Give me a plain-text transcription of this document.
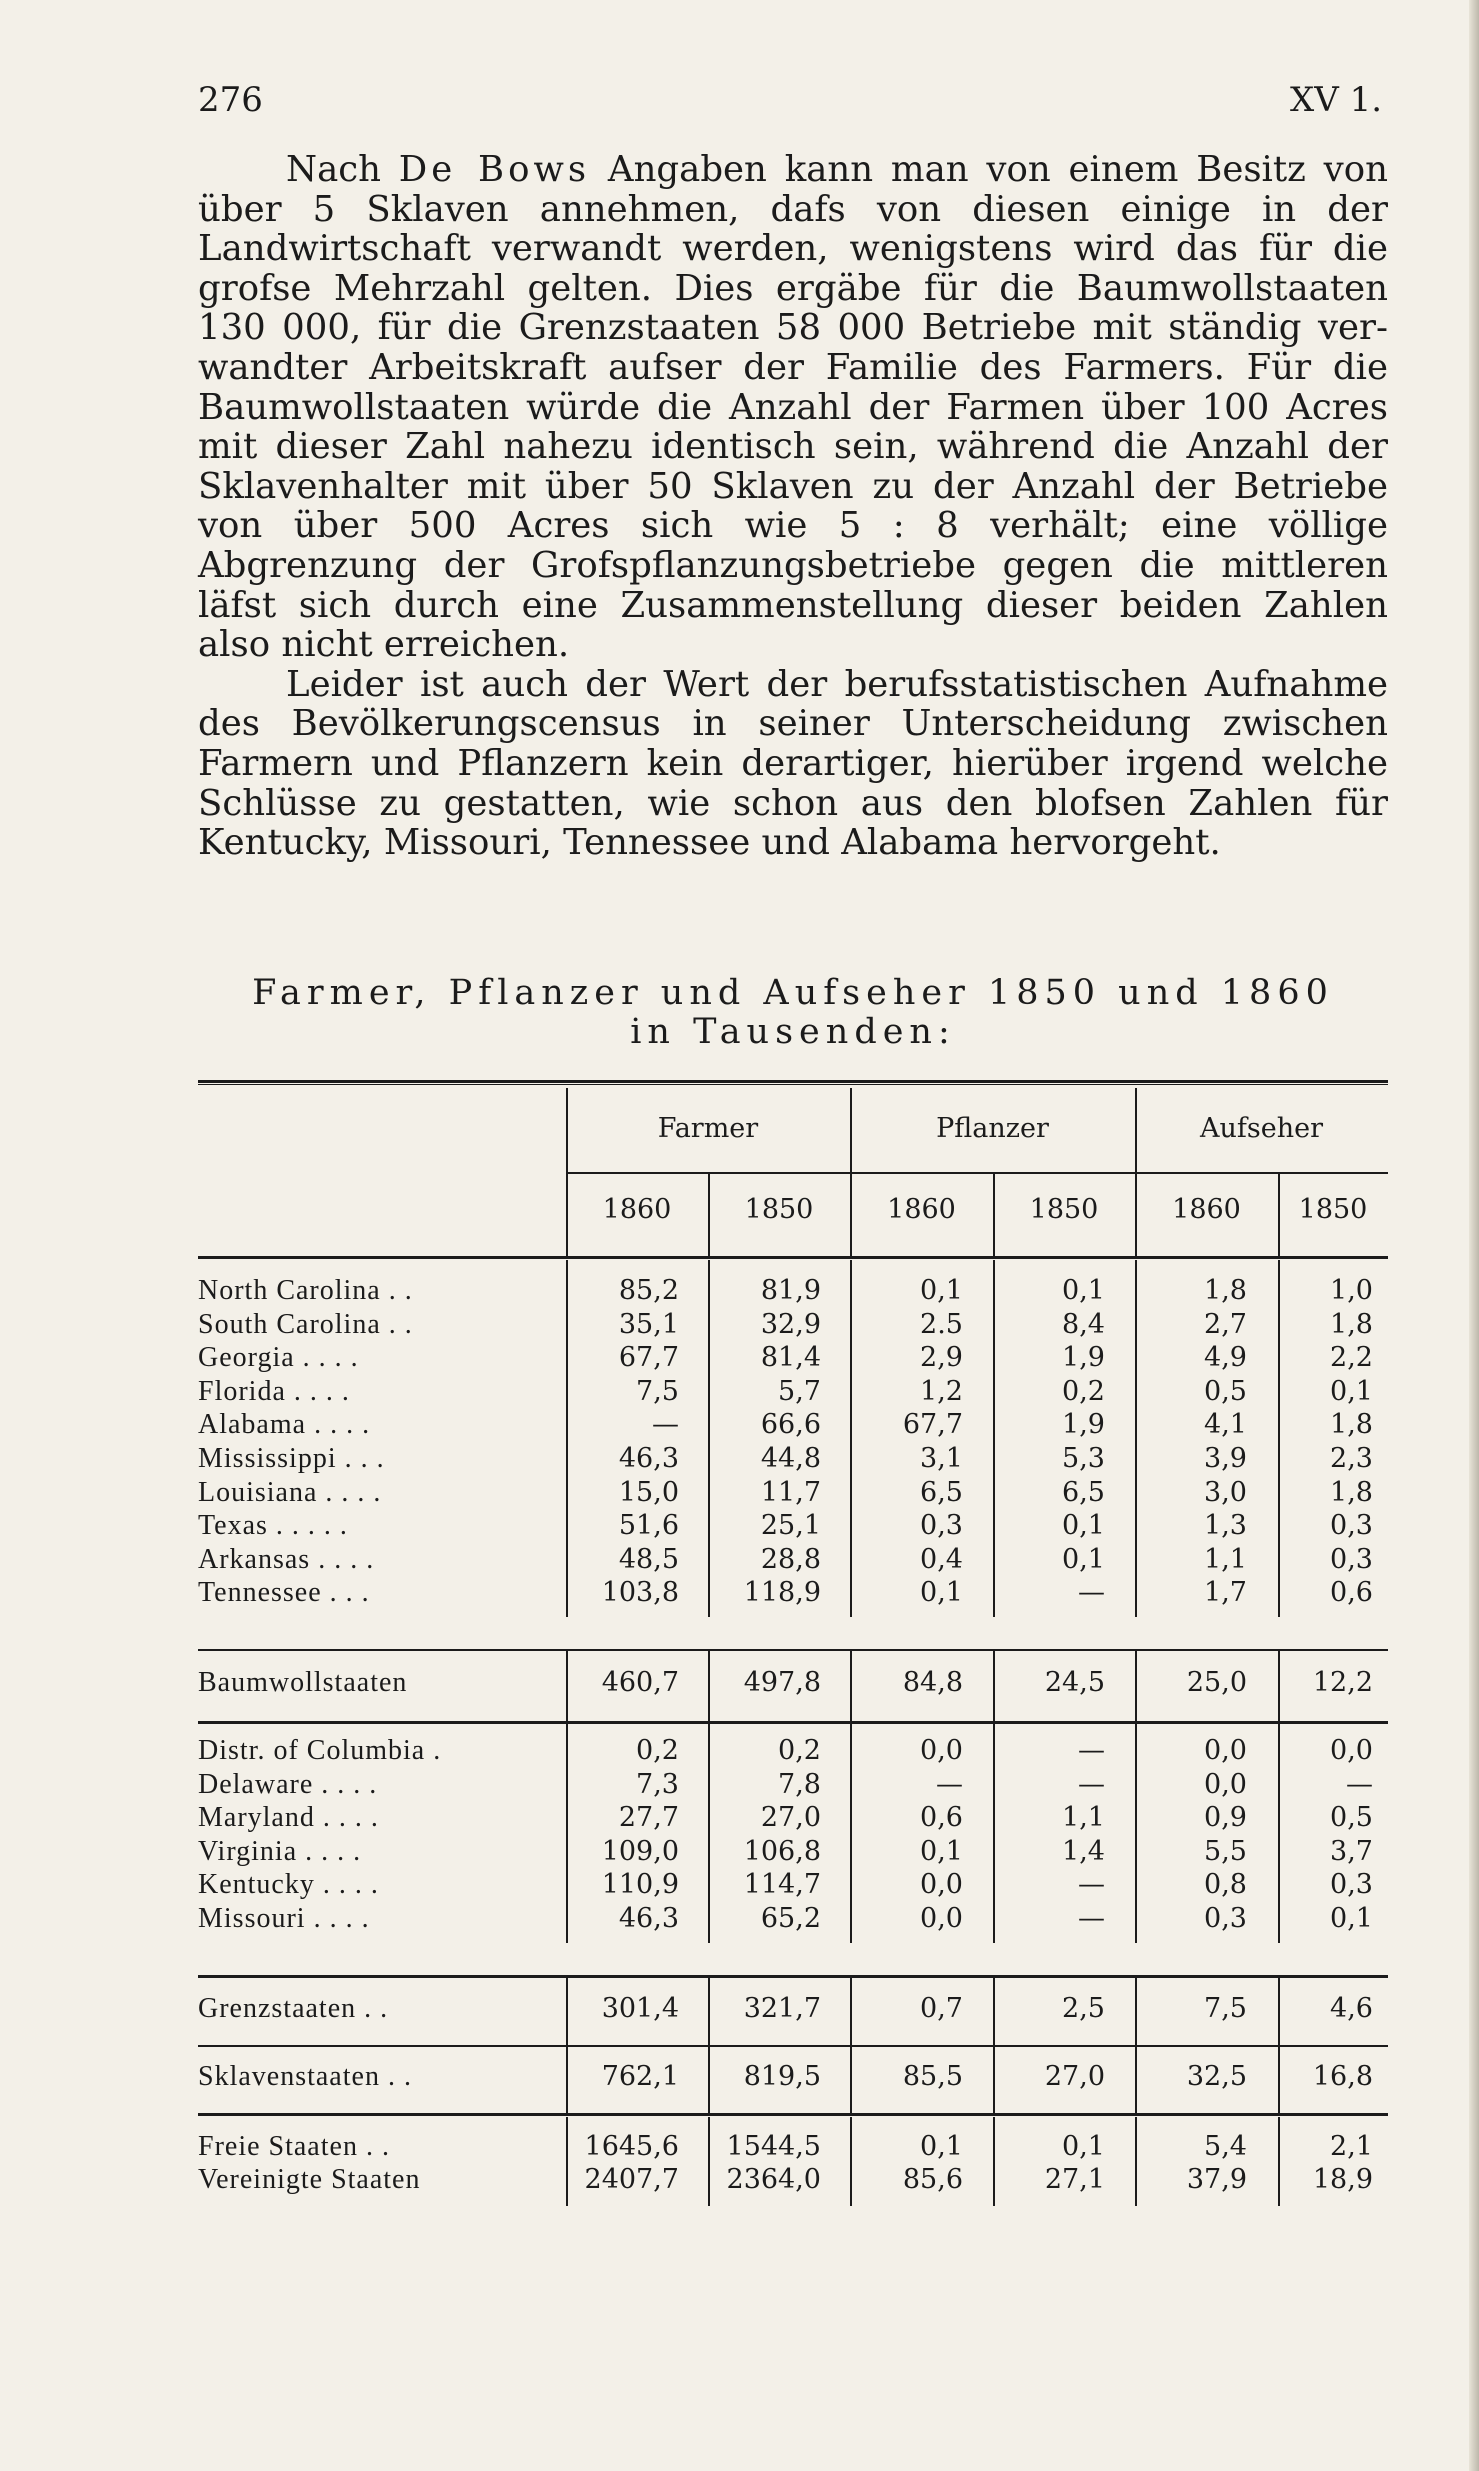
276	XV 1.

Nach De Bows Angaben kann man von einem Besitz von über 5 Sklaven annehmen, dafs von diesen einige in der Landwirtschaft verwandt werden, wenigstens wird das für die grofse Mehrzahl gelten. Dies ergäbe für die Baumwollstaaten 130 000, für die Grenzstaaten 58 000 Betriebe mit ständig verwandter Arbeitskraft aufser der Familie des Farmers. Für die Baumwollstaaten würde die Anzahl der Farmen über 100 Acres mit dieser Zahl nahezu identisch sein, während die Anzahl der Sklavenhalter mit über 50 Sklaven zu der Anzahl der Betriebe von über 500 Acres sich wie 5 : 8 verhält; eine völlige Abgrenzung der Grofspflanzungsbetriebe gegen die mittleren läfst sich durch eine Zusammenstellung dieser beiden Zahlen also nicht erreichen.

Leider ist auch der Wert der berufsstatistischen Aufnahme des Bevölkerungscensus in seiner Unterscheidung zwischen Farmern und Pflanzern kein derartiger, hierüber irgend welche Schlüsse zu gestatten, wie schon aus den blofsen Zahlen für Kentucky, Missouri, Tennessee und Alabama hervorgeht.

Farmer, Pflanzer und Aufseher 1850 und 1860
in Tausenden:
Farmer	Pflanzer	Aufseher
1860	1850	1860	1850	1860	1850
North Carolina . .	85,2	81,9	0,1	0,1	1,8	1,0
South Carolina . .	35,1	32,9	2.5	8,4	2,7	1,8
Georgia . . . .	67,7	81,4	2,9	1,9	4,9	2,2
Florida . . . .	7,5	5,7	1,2	0,2	0,5	0,1
Alabama . . . .	—	66,6	67,7	1,9	4,1	1,8
Mississippi . . .	46,3	44,8	3,1	5,3	3,9	2,3
Louisiana . . . .	15,0	11,7	6,5	6,5	3,0	1,8
Texas . . . . .	51,6	25,1	0,3	0,1	1,3	0,3
Arkansas . . . .	48,5	28,8	0,4	0,1	1,1	0,3
Tennessee . . .	103,8	118,9	0,1	—	1,7	0,6
Baumwollstaaten	460,7	497,8	84,8	24,5	25,0	12,2
Distr. of Columbia .	0,2	0,2	0,0	—	0,0	0,0
Delaware . . . .	7,3	7,8	—	—	0,0	—
Maryland . . . .	27,7	27,0	0,6	1,1	0,9	0,5
Virginia . . . .	109,0	106,8	0,1	1,4	5,5	3,7
Kentucky . . . .	110,9	114,7	0,0	—	0,8	0,3
Missouri . . . .	46,3	65,2	0,0	—	0,3	0,1
Grenzstaaten . .	301,4	321,7	0,7	2,5	7,5	4,6
Sklavenstaaten . .	762,1	819,5	85,5	27,0	32,5	16,8
Freie Staaten . .	1645,6	1544,5	0,1	0,1	5,4	2,1
Vereinigte Staaten	2407,7	2364,0	85,6	27,1	37,9	18,9
